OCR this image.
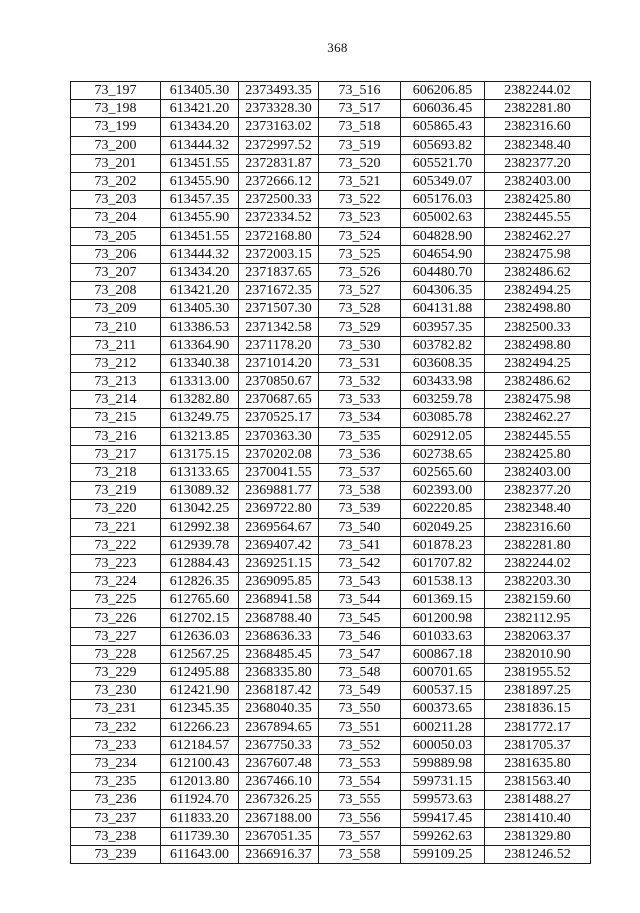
368
73_197	613405.30	2373493.35	73_516	606206.85	2382244.02
73_198	613421.20	2373328.30	73_517	606036.45	2382281.80
73_199	613434.20	2373163.02	73_518	605865.43	2382316.60
73_200	613444.32	2372997.52	73_519	605693.82	2382348.40
73_201	613451.55	2372831.87	73_520	605521.70	2382377.20
73_202	613455.90	2372666.12	73_521	605349.07	2382403.00
73_203	613457.35	2372500.33	73_522	605176.03	2382425.80
73_204	613455.90	2372334.52	73_523	605002.63	2382445.55
73_205	613451.55	2372168.80	73_524	604828.90	2382462.27
73_206	613444.32	2372003.15	73_525	604654.90	2382475.98
73_207	613434.20	2371837.65	73_526	604480.70	2382486.62
73_208	613421.20	2371672.35	73_527	604306.35	2382494.25
73_209	613405.30	2371507.30	73_528	604131.88	2382498.80
73_210	613386.53	2371342.58	73_529	603957.35	2382500.33
73_211	613364.90	2371178.20	73_530	603782.82	2382498.80
73_212	613340.38	2371014.20	73_531	603608.35	2382494.25
73_213	613313.00	2370850.67	73_532	603433.98	2382486.62
73_214	613282.80	2370687.65	73_533	603259.78	2382475.98
73_215	613249.75	2370525.17	73_534	603085.78	2382462.27
73_216	613213.85	2370363.30	73_535	602912.05	2382445.55
73_217	613175.15	2370202.08	73_536	602738.65	2382425.80
73_218	613133.65	2370041.55	73_537	602565.60	2382403.00
73_219	613089.32	2369881.77	73_538	602393.00	2382377.20
73_220	613042.25	2369722.80	73_539	602220.85	2382348.40
73_221	612992.38	2369564.67	73_540	602049.25	2382316.60
73_222	612939.78	2369407.42	73_541	601878.23	2382281.80
73_223	612884.43	2369251.15	73_542	601707.82	2382244.02
73_224	612826.35	2369095.85	73_543	601538.13	2382203.30
73_225	612765.60	2368941.58	73_544	601369.15	2382159.60
73_226	612702.15	2368788.40	73_545	601200.98	2382112.95
73_227	612636.03	2368636.33	73_546	601033.63	2382063.37
73_228	612567.25	2368485.45	73_547	600867.18	2382010.90
73_229	612495.88	2368335.80	73_548	600701.65	2381955.52
73_230	612421.90	2368187.42	73_549	600537.15	2381897.25
73_231	612345.35	2368040.35	73_550	600373.65	2381836.15
73_232	612266.23	2367894.65	73_551	600211.28	2381772.17
73_233	612184.57	2367750.33	73_552	600050.03	2381705.37
73_234	612100.43	2367607.48	73_553	599889.98	2381635.80
73_235	612013.80	2367466.10	73_554	599731.15	2381563.40
73_236	611924.70	2367326.25	73_555	599573.63	2381488.27
73_237	611833.20	2367188.00	73_556	599417.45	2381410.40
73_238	611739.30	2367051.35	73_557	599262.63	2381329.80
73_239	611643.00	2366916.37	73_558	599109.25	2381246.52
